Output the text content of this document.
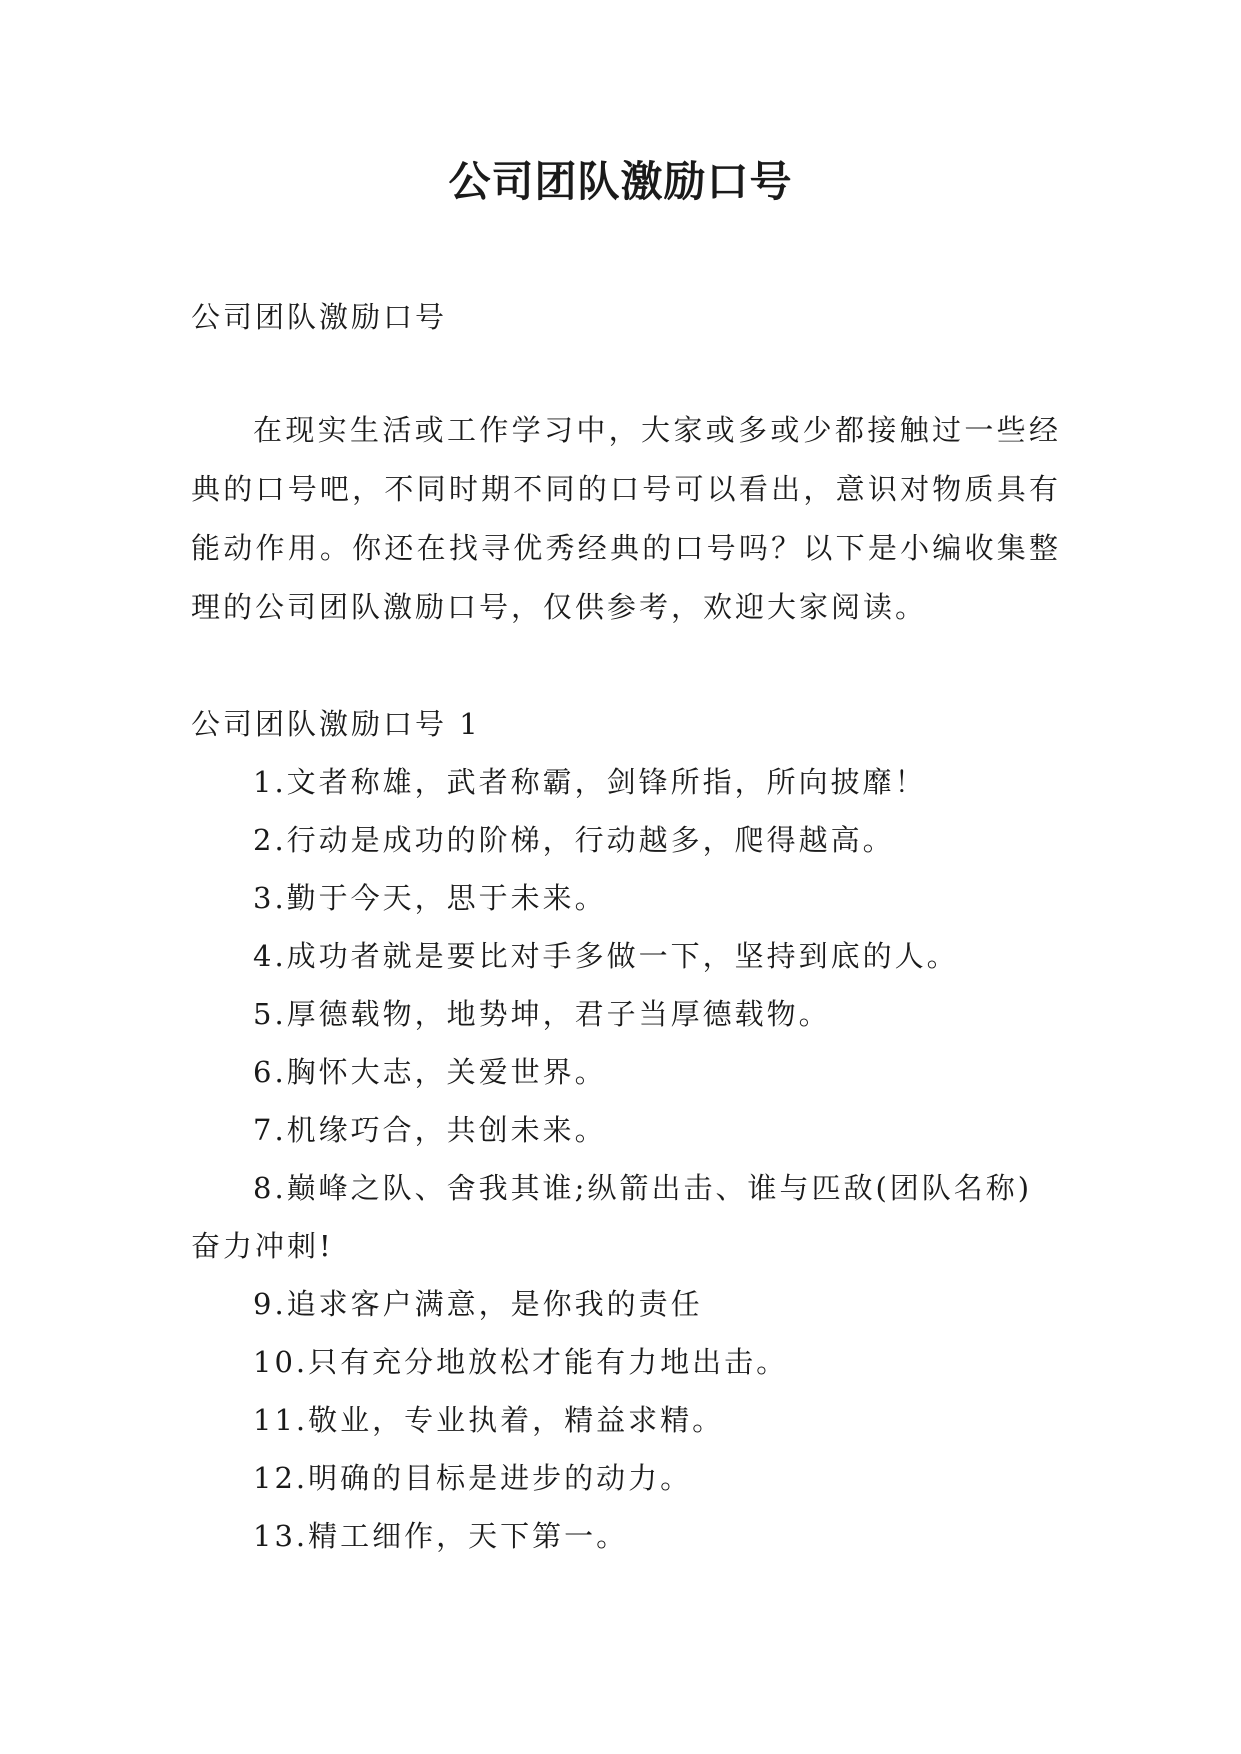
公司团队激励口号

公司团队激励口号

在现实生活或工作学习中，大家或多或少都接触过一些经典的口号吧，不同时期不同的口号可以看出，意识对物质具有能动作用。你还在找寻优秀经典的口号吗？以下是小编收集整理的公司团队激励口号，仅供参考，欢迎大家阅读。

公司团队激励口号 1

1.文者称雄，武者称霸，剑锋所指，所向披靡！
2.行动是成功的阶梯，行动越多，爬得越高。
3.勤于今天，思于未来。
4.成功者就是要比对手多做一下，坚持到底的人。
5.厚德载物，地势坤，君子当厚德载物。
6.胸怀大志，关爱世界。
7.机缘巧合，共创未来。
8.巅峰之队、舍我其谁;纵箭出击、谁与匹敌(团队名称)奋力冲刺!
9.追求客户满意，是你我的责任
10.只有充分地放松才能有力地出击。
11.敬业，专业执着，精益求精。
12.明确的目标是进步的动力。
13.精工细作，天下第一。
